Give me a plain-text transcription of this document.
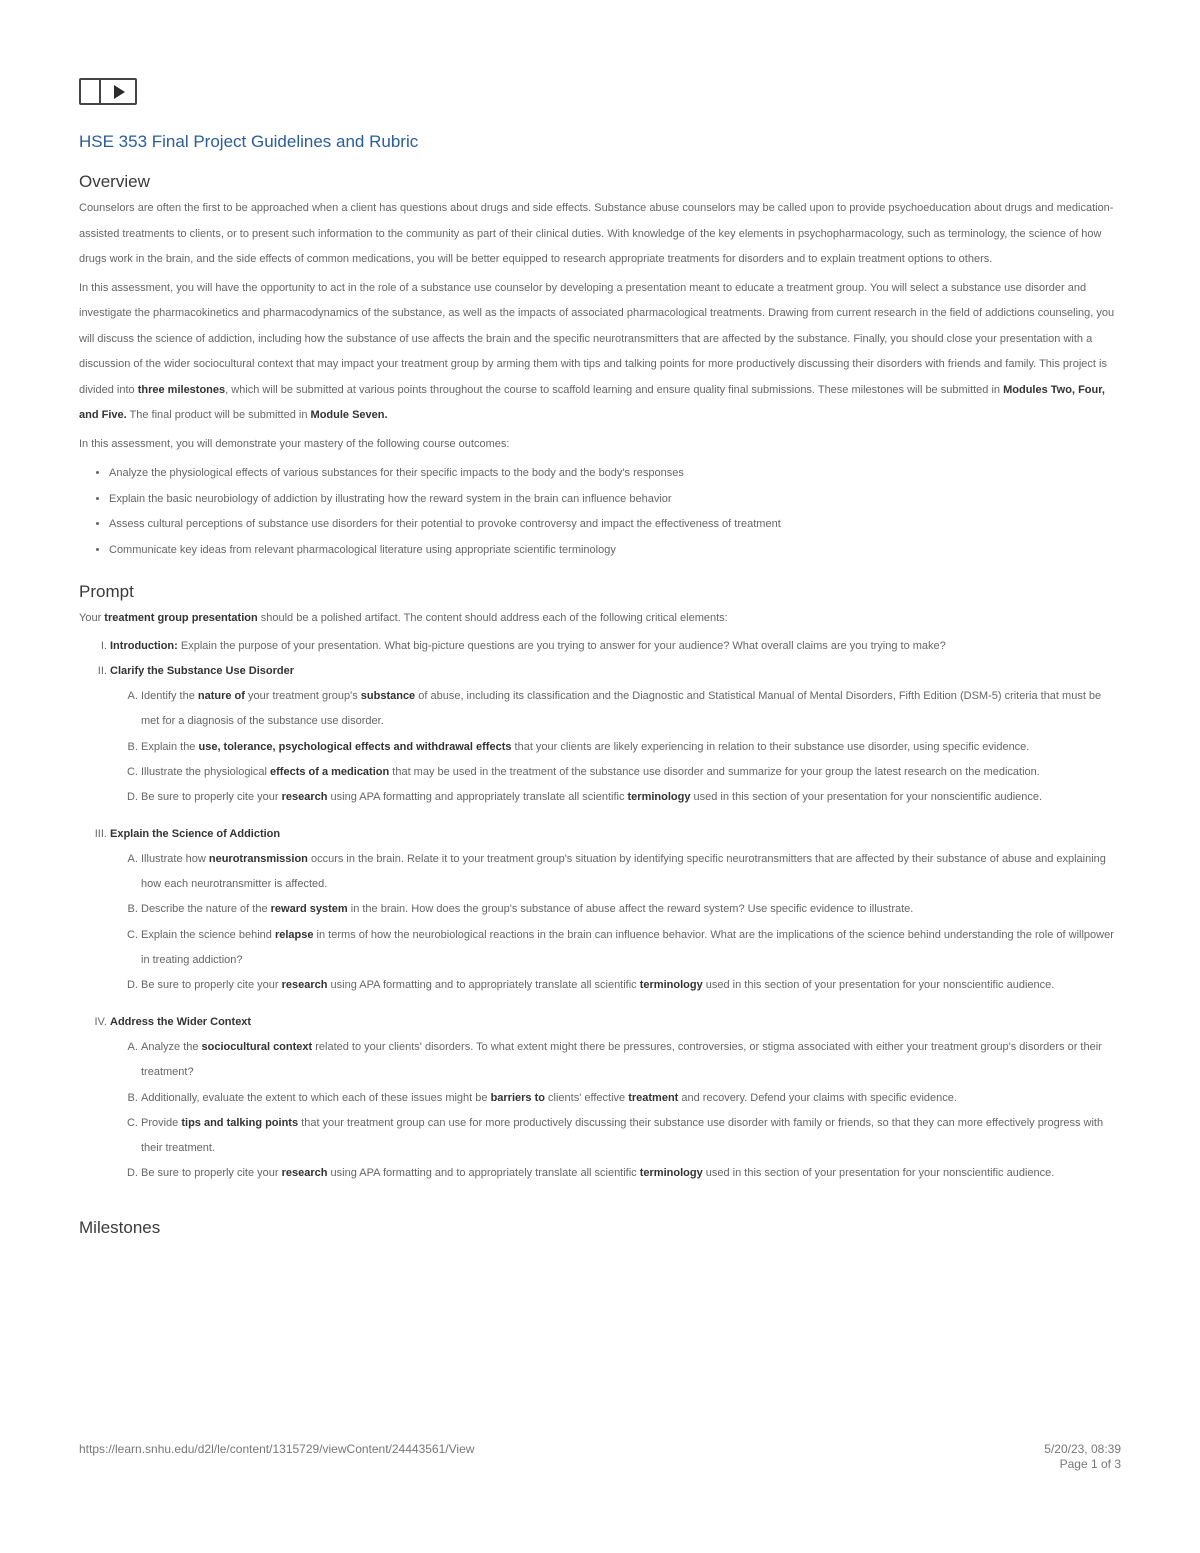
HSE 353 Final Project Guidelines and Rubric
Overview

Counselors are often the first to be approached when a client has questions about drugs and side effects. Substance abuse counselors may be called upon to provide psychoeducation about drugs and medication-assisted treatments to clients, or to present such information to the community as part of their clinical duties. With knowledge of the key elements in psychopharmacology, such as terminology, the science of how drugs work in the brain, and the side effects of common medications, you will be better equipped to research appropriate treatments for disorders and to explain treatment options to others.

In this assessment, you will have the opportunity to act in the role of a substance use counselor by developing a presentation meant to educate a treatment group. You will select a substance use disorder and investigate the pharmacokinetics and pharmacodynamics of the substance, as well as the impacts of associated pharmacological treatments. Drawing from current research in the field of addictions counseling, you will discuss the science of addiction, including how the substance of use affects the brain and the specific neurotransmitters that are affected by the substance. Finally, you should close your presentation with a discussion of the wider sociocultural context that may impact your treatment group by arming them with tips and talking points for more productively discussing their disorders with friends and family. This project is divided into three milestones, which will be submitted at various points throughout the course to scaffold learning and ensure quality final submissions. These milestones will be submitted in Modules Two, Four, and Five. The final product will be submitted in Module Seven.

In this assessment, you will demonstrate your mastery of the following course outcomes:

• Analyze the physiological effects of various substances for their specific impacts to the body and the body's responses
• Explain the basic neurobiology of addiction by illustrating how the reward system in the brain can influence behavior
• Assess cultural perceptions of substance use disorders for their potential to provoke controversy and impact the effectiveness of treatment
• Communicate key ideas from relevant pharmacological literature using appropriate scientific terminology
Prompt

Your treatment group presentation should be a polished artifact. The content should address each of the following critical elements:

I. Introduction: Explain the purpose of your presentation. What big-picture questions are you trying to answer for your audience? What overall claims are you trying to make?
II. Clarify the Substance Use Disorder
A. Identify the nature of your treatment group's substance of abuse, including its classification and the Diagnostic and Statistical Manual of Mental Disorders, Fifth Edition (DSM-5) criteria that must be met for a diagnosis of the substance use disorder.
B. Explain the use, tolerance, psychological effects and withdrawal effects that your clients are likely experiencing in relation to their substance use disorder, using specific evidence.
C. Illustrate the physiological effects of a medication that may be used in the treatment of the substance use disorder and summarize for your group the latest research on the medication.
D. Be sure to properly cite your research using APA formatting and appropriately translate all scientific terminology used in this section of your presentation for your nonscientific audience.
III. Explain the Science of Addiction
A. Illustrate how neurotransmission occurs in the brain. Relate it to your treatment group's situation by identifying specific neurotransmitters that are affected by their substance of abuse and explaining how each neurotransmitter is affected.
B. Describe the nature of the reward system in the brain. How does the group's substance of abuse affect the reward system? Use specific evidence to illustrate.
C. Explain the science behind relapse in terms of how the neurobiological reactions in the brain can influence behavior. What are the implications of the science behind understanding the role of willpower in treating addiction?
D. Be sure to properly cite your research using APA formatting and to appropriately translate all scientific terminology used in this section of your presentation for your nonscientific audience.
IV. Address the Wider Context
A. Analyze the sociocultural context related to your clients' disorders. To what extent might there be pressures, controversies, or stigma associated with either your treatment group's disorders or their treatment?
B. Additionally, evaluate the extent to which each of these issues might be barriers to clients' effective treatment and recovery. Defend your claims with specific evidence.
C. Provide tips and talking points that your treatment group can use for more productively discussing their substance use disorder with family or friends, so that they can more effectively progress with their treatment.
D. Be sure to properly cite your research using APA formatting and to appropriately translate all scientific terminology used in this section of your presentation for your nonscientific audience.
Milestones
https://learn.snhu.edu/d2l/le/content/1315729/viewContent/24443561/View	5/20/23, 08:39
Page 1 of 3
